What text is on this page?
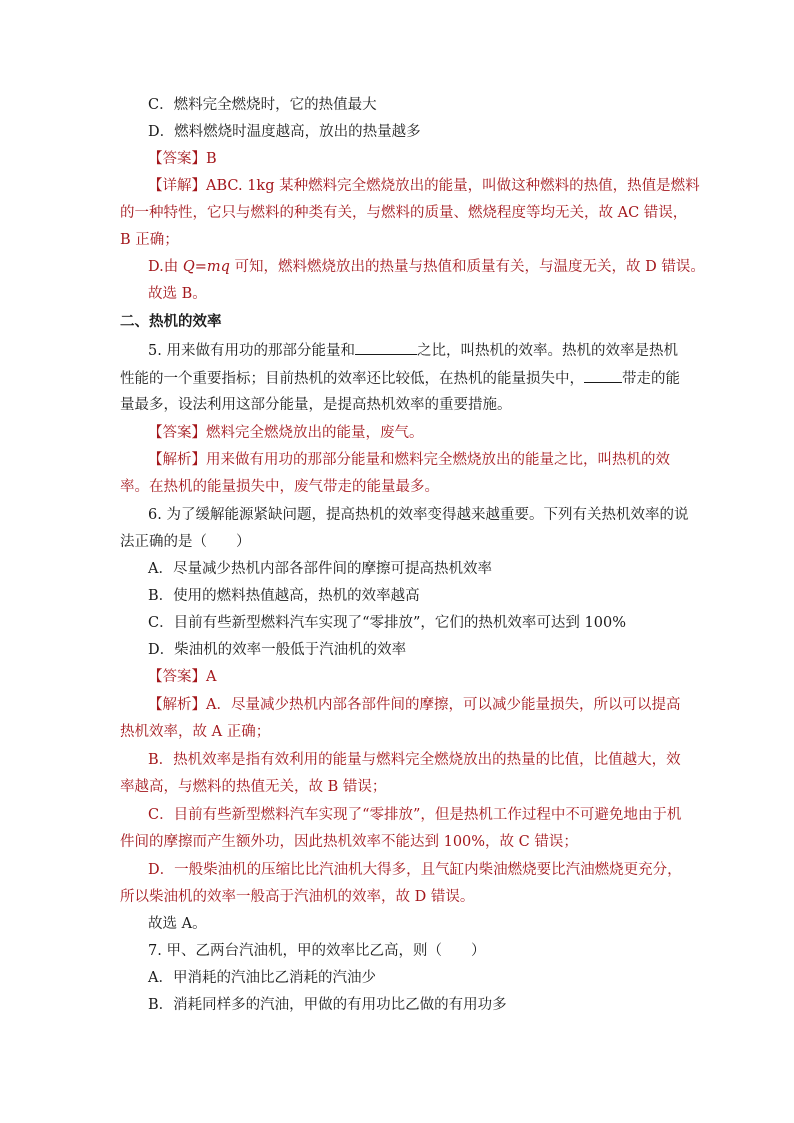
C．燃料完全燃烧时，它的热值最大
D．燃料燃烧时温度越高，放出的热量越多
【答案】B
【详解】ABC. 1kg 某种燃料完全燃烧放出的能量，叫做这种燃料的热值，热值是燃料
的一种特性，它只与燃料的种类有关，与燃料的质量、燃烧程度等均无关，故 AC 错误，
B 正确；
D.由 Q=mq 可知，燃料燃烧放出的热量与热值和质量有关，与温度无关，故 D 错误。
故选 B。
二、热机的效率
5. 用来做有用功的那部分能量和	之比，叫热机的效率。热机的效率是热机
性能的一个重要指标；目前热机的效率还比较低，在热机的能量损失中，	带走的能
量最多，设法利用这部分能量，是提高热机效率的重要措施。
【答案】燃料完全燃烧放出的能量，废气。
【解析】用来做有用功的那部分能量和燃料完全燃烧放出的能量之比，叫热机的效
率。在热机的能量损失中，废气带走的能量最多。
6. 为了缓解能源紧缺问题，提高热机的效率变得越来越重要。下列有关热机效率的说
法正确的是（　　）
A．尽量减少热机内部各部件间的摩擦可提高热机效率
B．使用的燃料热值越高，热机的效率越高
C．目前有些新型燃料汽车实现了“零排放”，它们的热机效率可达到 100%
D．柴油机的效率一般低于汽油机的效率
【答案】A
【解析】A．尽量减少热机内部各部件间的摩擦，可以减少能量损失，所以可以提高
热机效率，故 A 正确；
B．热机效率是指有效利用的能量与燃料完全燃烧放出的热量的比值，比值越大，效
率越高，与燃料的热值无关，故 B 错误；
C．目前有些新型燃料汽车实现了“零排放”，但是热机工作过程中不可避免地由于机
件间的摩擦而产生额外功，因此热机效率不能达到 100%，故 C 错误；
D．一般柴油机的压缩比比汽油机大得多，且气缸内柴油燃烧要比汽油燃烧更充分，
所以柴油机的效率一般高于汽油机的效率，故 D 错误。
故选 A。
7. 甲、乙两台汽油机，甲的效率比乙高，则（　　）
A．甲消耗的汽油比乙消耗的汽油少
B．消耗同样多的汽油，甲做的有用功比乙做的有用功多
